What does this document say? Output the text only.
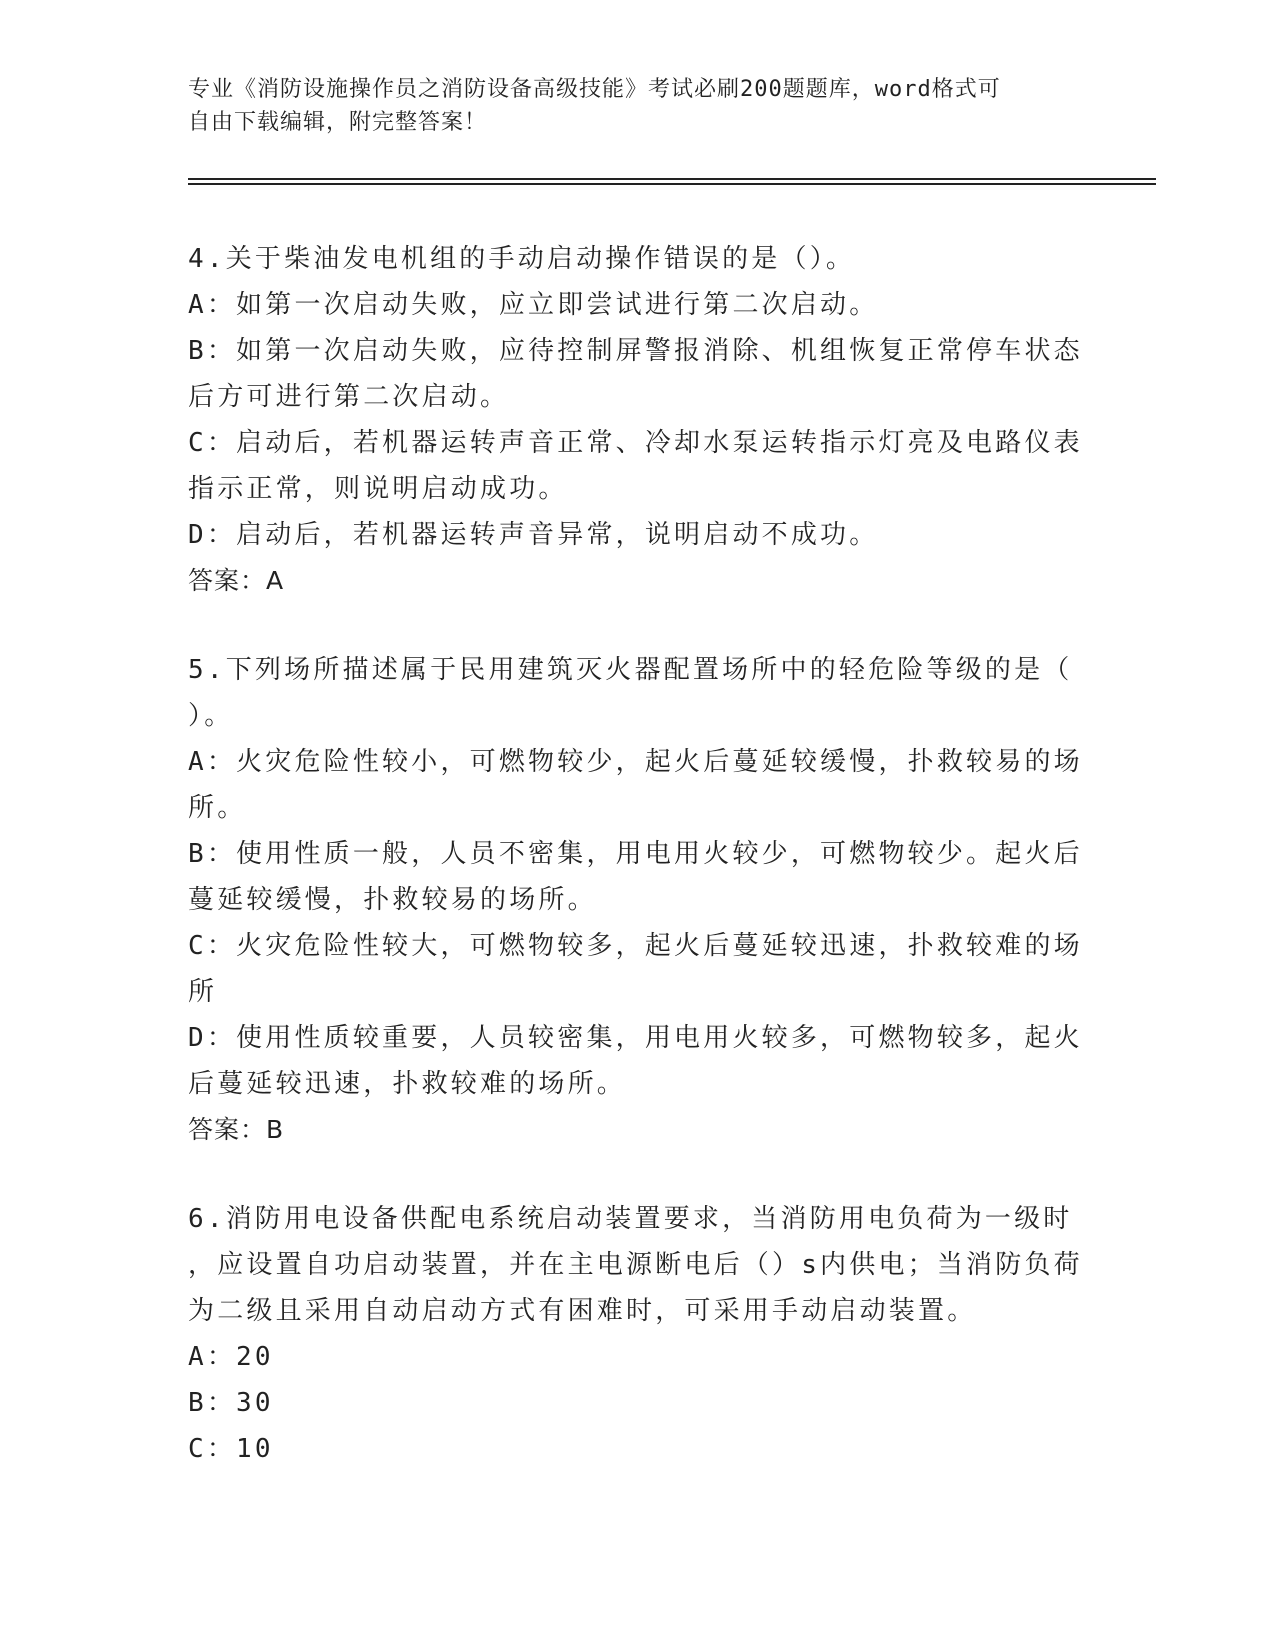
专业《消防设施操作员之消防设备高级技能》考试必刷200题题库，word格式可
自由下载编辑，附完整答案！

4.关于柴油发电机组的手动启动操作错误的是（）。

A：如第一次启动失败，应立即尝试进行第二次启动。

B：如第一次启动失败，应待控制屏警报消除、机组恢复正常停车状态

后方可进行第二次启动。

C：启动后，若机器运转声音正常、冷却水泵运转指示灯亮及电路仪表

指示正常，则说明启动成功。

D：启动后，若机器运转声音异常，说明启动不成功。

答案：A

5.下列场所描述属于民用建筑灭火器配置场所中的轻危险等级的是（

）。

A：火灾危险性较小，可燃物较少，起火后蔓延较缓慢，扑救较易的场

所。

B：使用性质一般，人员不密集，用电用火较少，可燃物较少。起火后

蔓延较缓慢，扑救较易的场所。

C：火灾危险性较大，可燃物较多，起火后蔓延较迅速，扑救较难的场

所

D：使用性质较重要，人员较密集，用电用火较多，可燃物较多，起火

后蔓延较迅速，扑救较难的场所。

答案：B

6.消防用电设备供配电系统启动装置要求，当消防用电负荷为一级时

，应设置自功启动装置，并在主电源断电后（）s内供电；当消防负荷

为二级且采用自动启动方式有困难时，可采用手动启动装置。

A：20

B：30

C：10
